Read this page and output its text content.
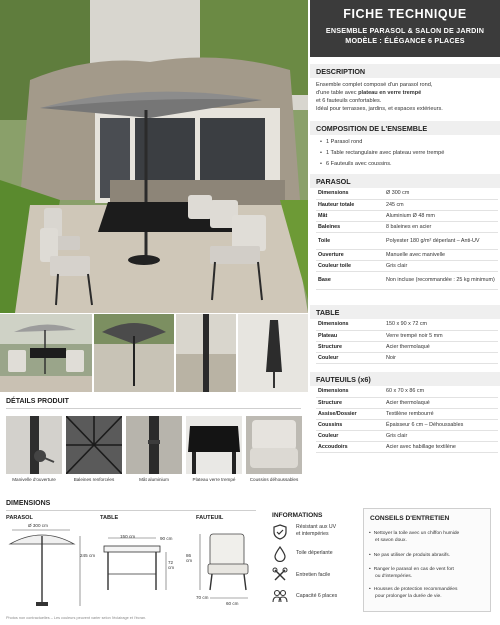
FICHE TECHNIQUE
ENSEMBLE PARASOL & SALON DE JARDIN
MODÈLE : ÉLÉGANCE 6 PLACES
DESCRIPTION
Ensemble complet composé d'un parasol rond,
d'une table avec plateau en verre trempé
et 6 fauteuils confortables.
Idéal pour terrasses, jardins, et espaces extérieurs.
COMPOSITION DE L'ENSEMBLE
• 1 Parasol rond
• 1 Table rectangulaire avec plateau verre trempé
• 6 Fauteuils avec coussins.
PARASOL
Dimensions	Ø 300 cm
Hauteur totale	245 cm
Mât	Aluminium Ø 48 mm
Baleines	8 baleines en acier
Toile	Polyester 180 g/m² déperlant – Anti-UV
Ouverture	Manuelle avec manivelle
Couleur toile	Gris clair
Base	Non incluse (recommandée : 25 kg minimum)
TABLE
Dimensions	150 x 90 x 72 cm
Plateau	Verre trempé noir 5 mm
Structure	Acier thermolaqué
Couleur	Noir
FAUTEUILS (x6)
Dimensions	60 x 70 x 86 cm
Structure	Acier thermolaqué
Assise/Dossier	Textilène rembourré
Coussins	Épaisseur 6 cm – Déhoussables
Couleur	Gris clair
Accoudoirs	Acier avec habillage textilène
DÉTAILS PRODUIT
Manivelle d'ouverture	Baleines renforcées	Mât aluminium	Plateau verre trempé	Coussins déhoussables
DIMENSIONS
PARASOL	TABLE	FAUTEUIL
Ø 300 cm
245 cm
150 cm	90 cm
72 cm
86 cm
70 cm
60 cm
INFORMATIONS
Résistant aux UV
et intempéries
Toile déperlante
Entretien facile
Capacité 6 places
CONSEILS D'ENTRETIEN
• Nettoyer la toile avec un chiffon humide
et savon doux.
• Ne pas utiliser de produits abrasifs.
• Ranger le parasol en cas de vent fort
ou d'intempéries.
• Housses de protection recommandées
pour prolonger la durée de vie.
Photos non contractuelles – Les couleurs peuvent varier selon l'éclairage et l'écran.
